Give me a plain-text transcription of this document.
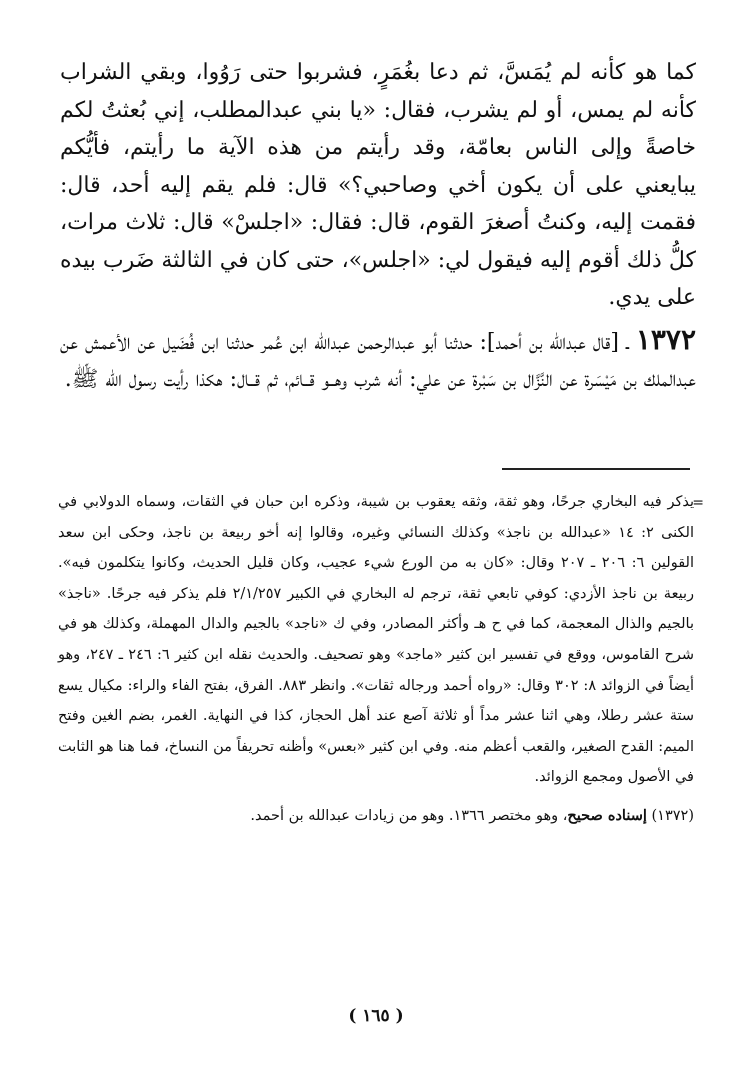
كما هو كأنه لم يُمَسَّ، ثم دعا بغُمَرٍ، فشربوا حتى رَوُوا، وبقي الشراب كأنه لم يمس، أو لم يشرب، فقال: «يا بني عبدالمطلب، إني بُعثتُ لكم خاصةً وإلى الناس بعامّة، وقد رأيتم من هذه الآية ما رأيتم، فأيُّكم يبايعني على أن يكون أخي وصاحبي؟» قال: فلم يقم إليه أحد، قال: فقمت إليه، وكنتُ أصغرَ القوم، قال: فقال: «اجلسْ» قال: ثلاث مرات، كلُّ ذلك أقوم إليه فيقول لي: «اجلس»، حتى كان في الثالثة ضَرب بيده على يدي.

١٣٧٢ ـ [قال عبدالله بن أحمد]: حدثنا أبو عبدالرحمن عبدالله ابن عُمر حدثنا ابن فُضَيل عن الأعمش عن عبدالملك بن مَيْسَرة عن النَّزَّال بن سَبْرة عن علي: أنه شرب وهــو قــائم، ثم قــال: هكذا رأيت رسول الله ﷺ.

=

يذكر فيه البخاري جرحًا، وهو ثقة، وثقه يعقوب بن شيبة، وذكره ابن حبان في الثقات، وسماه الدولابي في الكنى ٢: ١٤ «عبدالله بن ناجذ» وكذلك النسائي وغيره، وقالوا إنه أخو ربيعة بن ناجذ، وحكى ابن سعد القولين ٦: ٢٠٦ ـ ٢٠٧ وقال: «كان به من الورع شيء عجيب، وكان قليل الحديث، وكانوا يتكلمون فيه». ربيعة بن ناجذ الأزدي: كوفي تابعي ثقة، ترجم له البخاري في الكبير ٢/١/٢٥٧ فلم يذكر فيه جرحًا. «ناجذ» بالجيم والذال المعجمة، كما في ح هـ وأكثر المصادر، وفي ك «ناجد» بالجيم والدال المهملة، وكذلك هو في شرح القاموس، ووقع في تفسير ابن كثير «ماجد» وهو تصحيف. والحديث نقله ابن كثير ٦: ٢٤٦ ـ ٢٤٧، وهو أيضاً في الزوائد ٨: ٣٠٢ وقال: «رواه أحمد ورجاله ثقات». وانظر ٨٨٣. الفرق، بفتح الفاء والراء: مكيال يسع ستة عشر رطلا، وهي اثنا عشر مداً أو ثلاثة آصع عند أهل الحجاز، كذا في النهاية. الغمر، بضم الغين وفتح الميم: القدح الصغير، والقعب أعظم منه. وفي ابن كثير «بعس» وأظنه تحريفاً من النساخ، فما هنا هو الثابت في الأصول ومجمع الزوائد.

(١٣٧٢) إسناده صحيح، وهو مختصر ١٣٦٦. وهو من زيادات عبدالله بن أحمد.

( ١٦٥ )
